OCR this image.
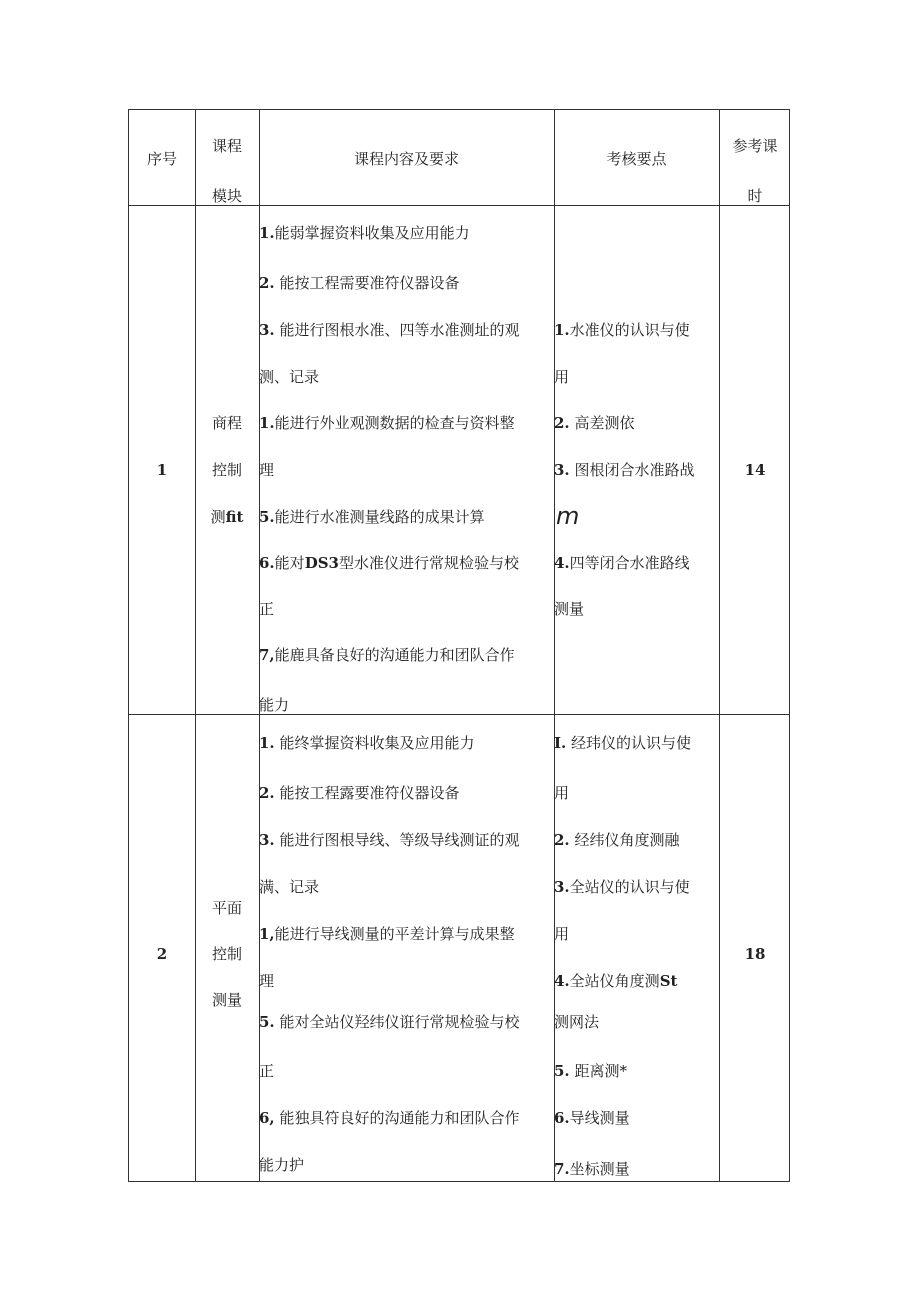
序号
课程
模块
课程内容及要求	考核要点
参考课
时
1
商程
控制
测fit
1.能弱掌握资料收集及应用能力
2. 能按工程需要准符仪器设备
3. 能进行图根水准、四等水准测址的观
测、记录
1.能进行外业观测数据的检查与资料整
理
5.能进行水准测量线路的成果计算
6.能对DS3型水准仪进行常规检验与校
正
7,能鹿具备良好的沟通能力和团队合作
能力
1.水准仪的认识与使
用
2. 高差测依
3. 图根闭合水准路战
m
4.四等闭合水准路线
测量
14
2
平面
控制
测量
1. 能终掌握资料收集及应用能力
2. 能按工程露要准符仪器设备
3. 能进行图根导线、等级导线测证的观
满、记录
1,能进行导线测量的平差计算与成果整
理
5. 能对全站仪羟纬仪诳行常规检验与校
正
6, 能独具符良好的沟通能力和团队合作
能力护
I. 经玮仪的认识与使
用
2. 经纬仪角度测融
3.全站仪的认识与使
用
4.全站仪角度测St
测网法
5. 距离测*
6.导线测量
7.坐标测量
18
